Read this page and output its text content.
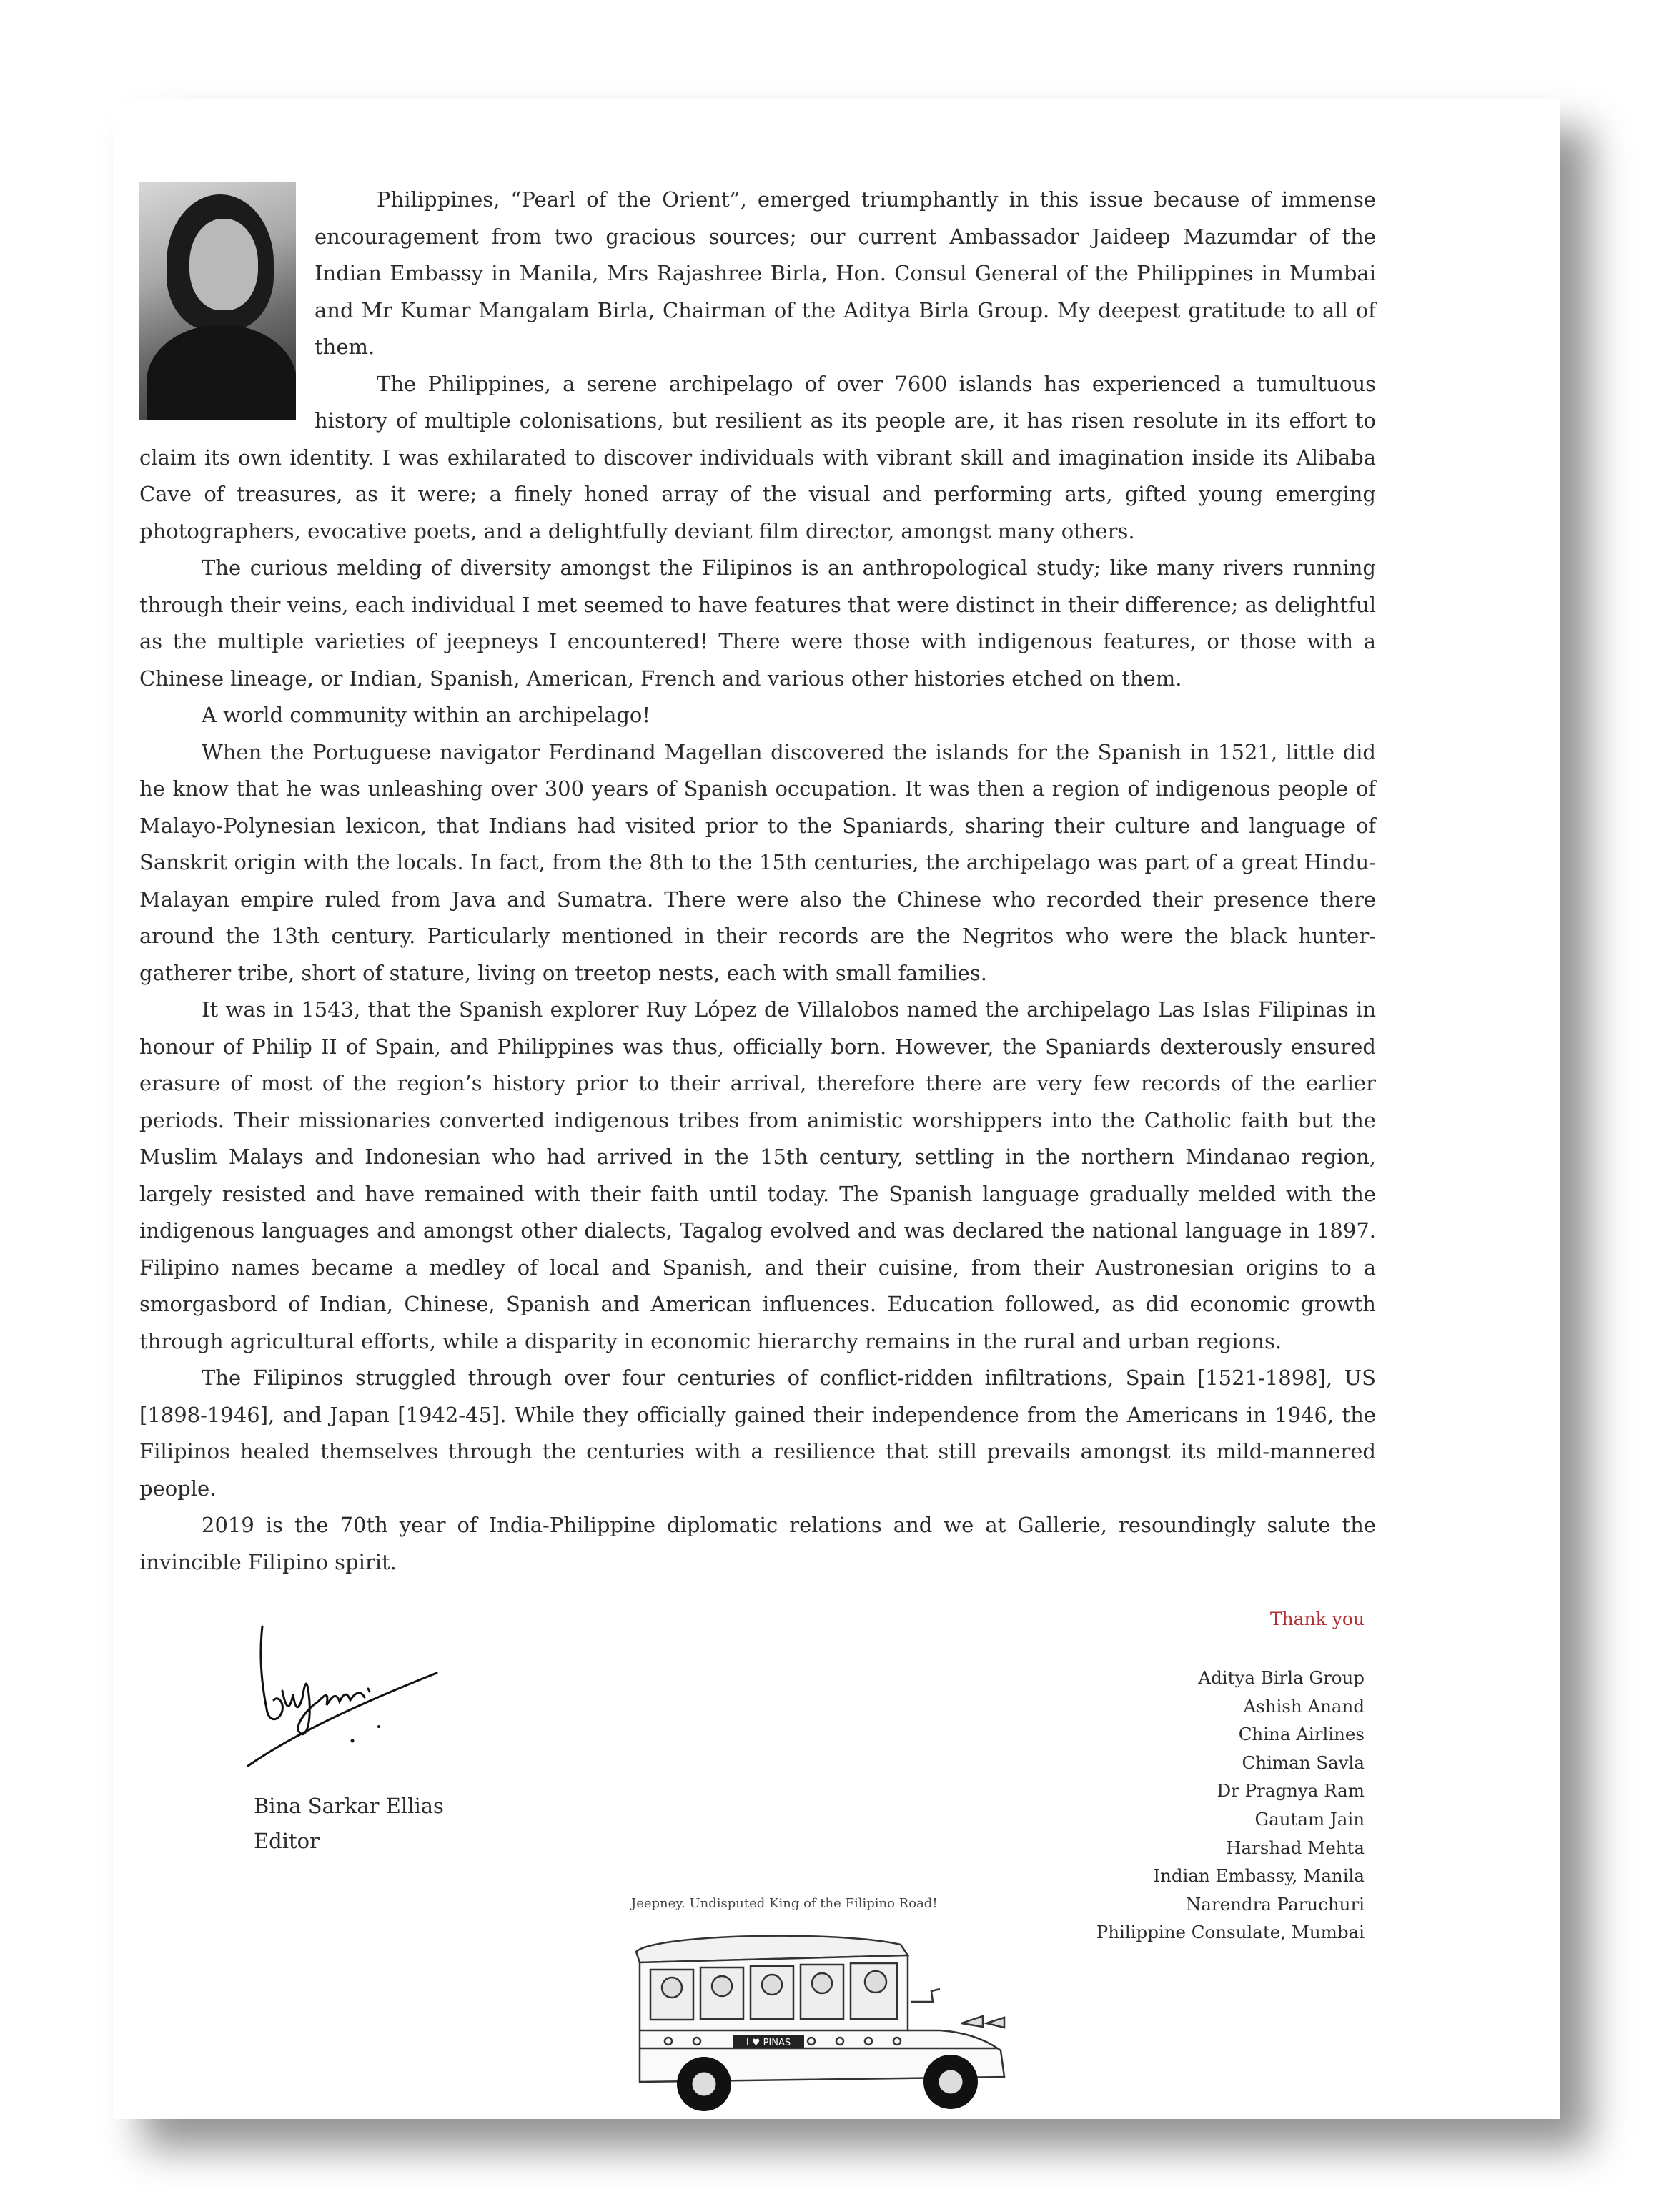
Philippines, “Pearl of the Orient”, emerged triumphantly in this issue because of immense encouragement from two gracious sources; our current Ambassador Jaideep Mazumdar of the Indian Embassy in Manila, Mrs Rajashree Birla, Hon. Consul General of the Philippines in Mumbai and Mr Kumar Mangalam Birla, Chairman of the Aditya Birla Group. My deepest gratitude to all of them.

The Philippines, a serene archipelago of over 7600 islands has experienced a tumultuous history of multiple colonisations, but resilient as its people are, it has risen resolute in its effort to claim its own identity. I was exhilarated to discover individuals with vibrant skill and imagination inside its Alibaba Cave of treasures, as it were; a finely honed array of the visual and performing arts, gifted young emerging photographers, evocative poets, and a delightfully deviant film director, amongst many others.

The curious melding of diversity amongst the Filipinos is an anthropological study; like many rivers running through their veins, each individual I met seemed to have features that were distinct in their difference; as delightful as the multiple varieties of jeepneys I encountered! There were those with indigenous features, or those with a Chinese lineage, or Indian, Spanish, American, French and various other histories etched on them.

A world community within an archipelago!

When the Portuguese navigator Ferdinand Magellan discovered the islands for the Spanish in 1521, little did he know that he was unleashing over 300 years of Spanish occupation. It was then a region of indigenous people of Malayo-Polynesian lexicon, that Indians had visited prior to the Spaniards, sharing their culture and language of Sanskrit origin with the locals. In fact, from the 8th to the 15th centuries, the archipelago was part of a great Hindu-Malayan empire ruled from Java and Sumatra. There were also the Chinese who recorded their presence there around the 13th century. Particularly mentioned in their records are the Negritos who were the black hunter-gatherer tribe, short of stature, living on treetop nests, each with small families.

It was in 1543, that the Spanish explorer Ruy López de Villalobos named the archipelago Las Islas Filipinas in honour of Philip II of Spain, and Philippines was thus, officially born. However, the Spaniards dexterously ensured erasure of most of the region’s history prior to their arrival, therefore there are very few records of the earlier periods. Their missionaries converted indigenous tribes from animistic worshippers into the Catholic faith but the Muslim Malays and Indonesian who had arrived in the 15th century, settling in the northern Mindanao region, largely resisted and have remained with their faith until today. The Spanish language gradually melded with the indigenous languages and amongst other dialects, Tagalog evolved and was declared the national language in 1897. Filipino names became a medley of local and Spanish, and their cuisine, from their Austronesian origins to a smorgasbord of Indian, Chinese, Spanish and American influences. Education followed, as did economic growth through agricultural efforts, while a disparity in economic hierarchy remains in the rural and urban regions.

The Filipinos struggled through over four centuries of conflict-ridden infiltrations, Spain [1521-1898], US [1898-1946], and Japan [1942-45]. While they officially gained their independence from the Americans in 1946, the Filipinos healed themselves through the centuries with a resilience that still prevails amongst its mild-mannered people.

2019 is the 70th year of India-Philippine diplomatic relations and we at Gallerie, resoundingly salute the invincible Filipino spirit.

Thank you
Aditya Birla Group
Ashish Anand
China Airlines
Chiman Savla
Dr Pragnya Ram
Gautam Jain
Harshad Mehta
Indian Embassy, Manila
Narendra Paruchuri
Philippine Consulate, Mumbai
Bina Sarkar Ellias
Editor
Jeepney. Undisputed King of the Filipino Road!
I ♥ PINAS
